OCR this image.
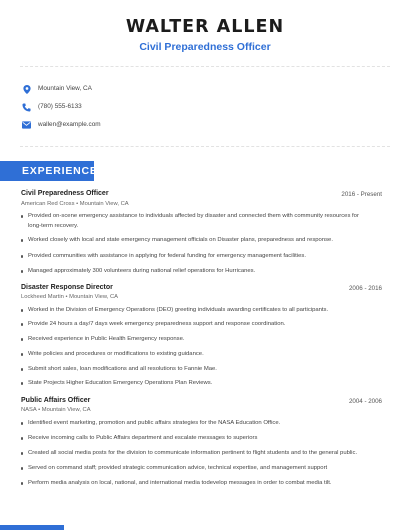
WALTER ALLEN
Civil Preparedness Officer
Mountain View, CA
(780) 555-6133
wallen@example.com
EXPERIENCE
Civil Preparedness Officer	2016 - Present
American Red Cross • Mountain View, CA
Provided on-scene emergency assistance to individuals affected by disaster and connected them with community resources for long-term recovery.
Worked closely with local and state emergency management officials on Disaster plans, preparedness and response.
Provided communities with assistance in applying for federal funding for emergency management facilities.
Managed approximately 300 volunteers during national relief operations for Hurricanes.
Disaster Response Director	2006 - 2016
Lockheed Martin • Mountain View, CA
Worked in the Division of Emergency Operations (DEO) greeting individuals awarding certificates to all participants.
Provide 24 hours a day/7 days week emergency preparedness support and response coordination.
Received experience in Public Health Emergency response.
Write policies and procedures or modifications to existing guidance.
Submit short sales, loan modifications and all resolutions to Fannie Mae.
State Projects Higher Education Emergency Operations Plan Reviews.
Public Affairs Officer	2004 - 2006
NASA • Mountain View, CA
Identified event marketing, promotion and public affairs strategies for the NASA Education Office.
Receive incoming calls to Public Affairs department and escalate messages to superiors
Created all social media posts for the division to communicate information pertinent to flight students and to the general public.
Served on command staff; provided strategic communication advice, technical expertise, and management support
Perform media analysis on local, national, and international media todevelop messages in order to combat media tilt.
